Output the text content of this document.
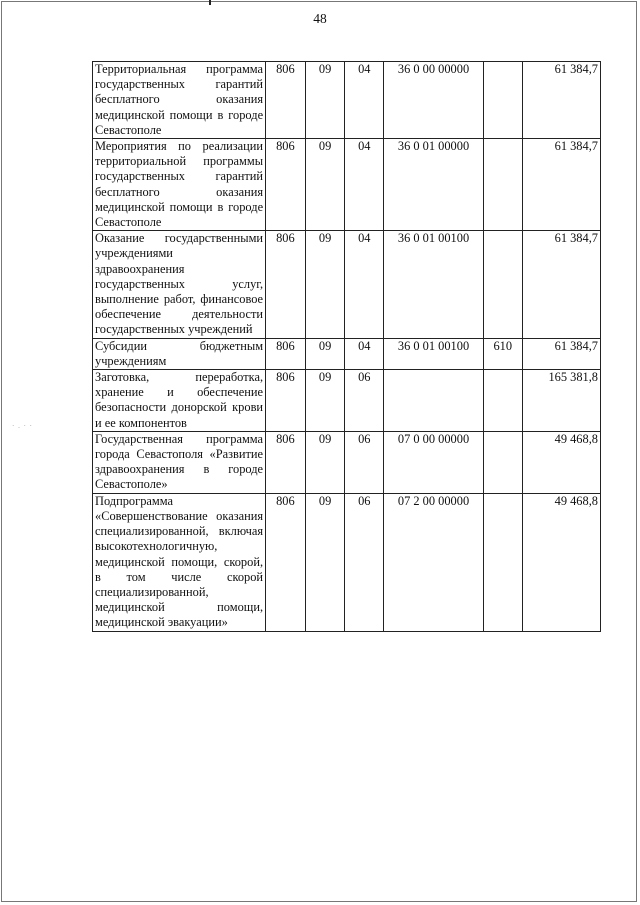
48
· . · ·
Территориальная программа государственных гарантий бесплатного оказания медицинской помощи в городе Севастополе	806	09	04	36 0 00 00000		61 384,7
Мероприятия по реализации территориальной программы государственных гарантий бесплатного оказания медицинской помощи в городе Севастополе	806	09	04	36 0 01 00000		61 384,7
Оказание государственными учреждениями здравоохранения государственных услуг, выполнение работ, финансовое обеспечение деятельности государственных учреждений	806	09	04	36 0 01 00100		61 384,7
Субсидии бюджетным учреждениям	806	09	04	36 0 01 00100	610	61 384,7
Заготовка, переработка, хранение и обеспечение безопасности донорской крови и ее компонентов	806	09	06			165 381,8
Государственная программа города Севастополя «Развитие здравоохранения в городе Севастополе»	806	09	06	07 0 00 00000		49 468,8
Подпрограмма «Совершенствование оказания специализированной, включая высокотехнологичную, медицинской помощи, скорой, в том числе скорой специализированной, медицинской помощи, медицинской эвакуации»	806	09	06	07 2 00 00000		49 468,8
